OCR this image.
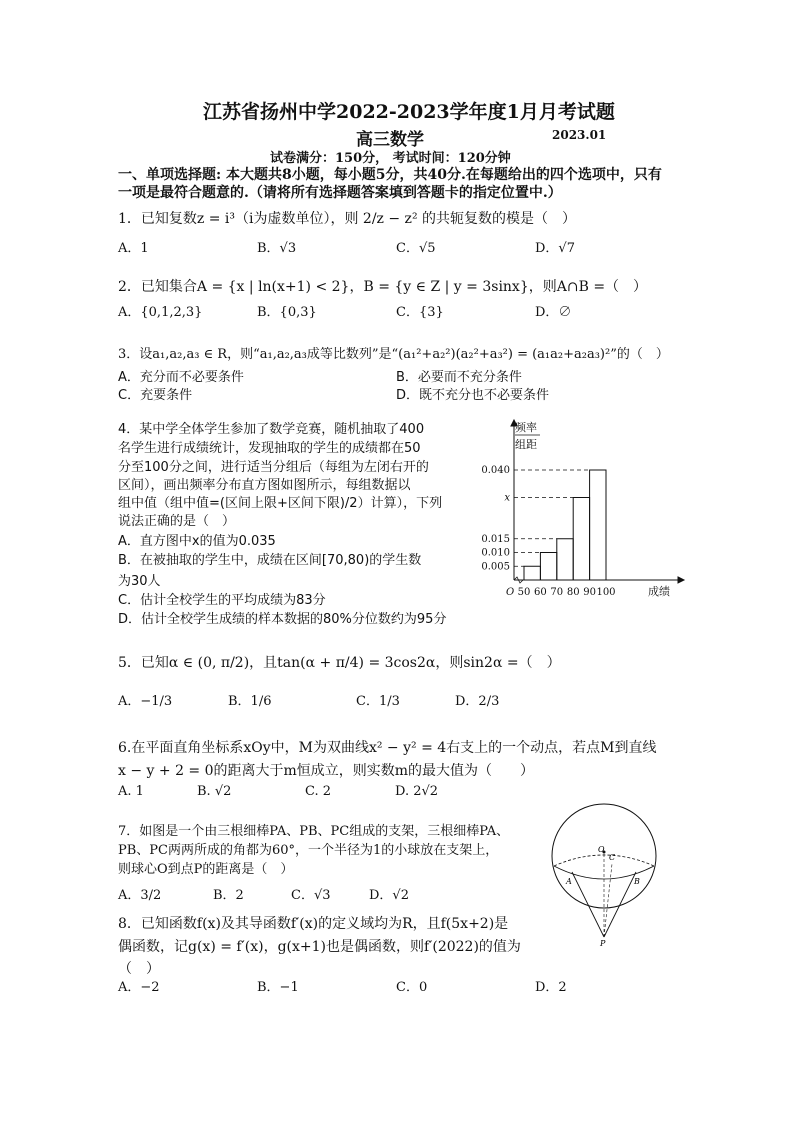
江苏省扬州中学2022-2023学年度1月月考试题
高三数学	2023.01
试卷满分：150分， 考试时间：120分钟
一、单项选择题: 本大题共8小题，每小题5分，共40分.在每题给出的四个选项中，只有
一项是最符合题意的.（请将所有选择题答案填到答题卡的指定位置中.）
1．已知复数z = i³（i为虚数单位），则 2/z − z² 的共轭复数的模是（　）
A．1	B．√3	C．√5	D．√7
2．已知集合A = {x | ln(x+1) < 2}，B = {y ∈ Z | y = 3sinx}，则A∩B =（　）
A．{0,1,2,3}	B．{0,3}	C．{3}	D．∅
3．设a₁,a₂,a₃ ∈ R，则“a₁,a₂,a₃成等比数列”是“(a₁²+a₂²)(a₂²+a₃²) = (a₁a₂+a₂a₃)²”的（　）
A．充分而不必要条件	B．必要而不充分条件
C．充要条件	D．既不充分也不必要条件
4．某中学全体学生参加了数学竞赛，随机抽取了400
名学生进行成绩统计，发现抽取的学生的成绩都在50
分至100分之间，进行适当分组后（每组为左闭右开的
区间），画出频率分布直方图如图所示，每组数据以
组中值（组中值=(区间上限+区间下限)/2）计算），下列
说法正确的是（　）
A．直方图中x的值为0.035
B．在被抽取的学生中，成绩在区间[70,80)的学生数
为30人
C．估计全校学生的平均成绩为83分
D．估计全校学生成绩的样本数据的80%分位数约为95分
0.040
x
0.015
0.010
0.005
50 60 70 80 90 100
O	成绩
频率
组距
5．已知α ∈ (0, π/2)，且tan(α + π/4) = 3cos2α，则sin2α =（　）
A．−1/3	B．1/6	C．1/3	D．2/3
6.在平面直角坐标系xOy中，M为双曲线x² − y² = 4右支上的一个动点，若点M到直线
x − y + 2 = 0的距离大于m恒成立，则实数m的最大值为（　　）
A. 1	B. √2	C. 2	D. 2√2
7．如图是一个由三根细棒PA、PB、PC组成的支架，三根细棒PA、
PB、PC两两所成的角都为60°，一个半径为1的小球放在支架上，
则球心O到点P的距离是（　）
A．3/2	B．2	C．√3	D．√2
O
C
A	B
P
8．已知函数f(x)及其导函数f′(x)的定义域均为R，且f(5x+2)是
偶函数，记g(x) = f′(x)，g(x+1)也是偶函数，则f′(2022)的值为
（　）
A．−2	B．−1	C．0	D．2
